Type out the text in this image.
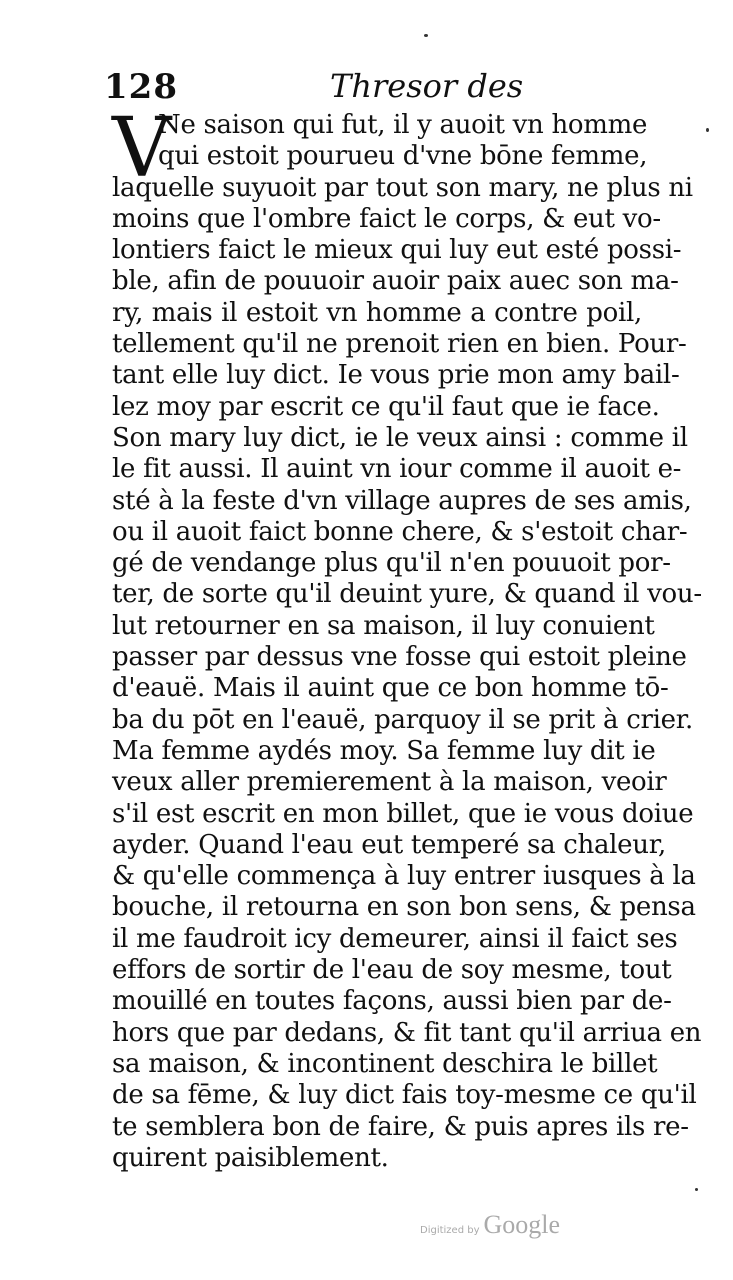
128	Thresor des
V
Ne saison qui fut, il y auoit vn homme
qui estoit pourueu d'vne bōne femme,
laquelle suyuoit par tout son mary, ne plus ni
moins que l'ombre faict le corps, & eut vo-
lontiers faict le mieux qui luy eut esté possi-
ble, afin de pouuoir auoir paix auec son ma-
ry, mais il estoit vn homme a contre poil,
tellement qu'il ne prenoit rien en bien. Pour-
tant elle luy dict. Ie vous prie mon amy bail-
lez moy par escrit ce qu'il faut que ie face.
Son mary luy dict, ie le veux ainsi : comme il
le fit aussi. Il auint vn iour comme il auoit e-
sté à la feste d'vn village aupres de ses amis,
ou il auoit faict bonne chere, & s'estoit char-
gé de vendange plus qu'il n'en pouuoit por-
ter, de sorte qu'il deuint yure, & quand il vou-
lut retourner en sa maison, il luy conuient
passer par dessus vne fosse qui estoit pleine
d'eauë. Mais il auint que ce bon homme tō-
ba du pōt en l'eauë, parquoy il se prit à crier.
Ma femme aydés moy. Sa femme luy dit ie
veux aller premierement à la maison, veoir
s'il est escrit en mon billet, que ie vous doiue
ayder. Quand l'eau eut temperé sa chaleur,
& qu'elle commença à luy entrer iusques à la
bouche, il retourna en son bon sens, & pensa
il me faudroit icy demeurer, ainsi il faict ses
effors de sortir de l'eau de soy mesme, tout
mouillé en toutes façons, aussi bien par de-
hors que par dedans, & fit tant qu'il arriua en
sa maison, & incontinent deschira le billet
de sa fēme, & luy dict fais toy-mesme ce qu'il
te semblera bon de faire, & puis apres ils re-
quirent paisiblement.
Digitized by Google
